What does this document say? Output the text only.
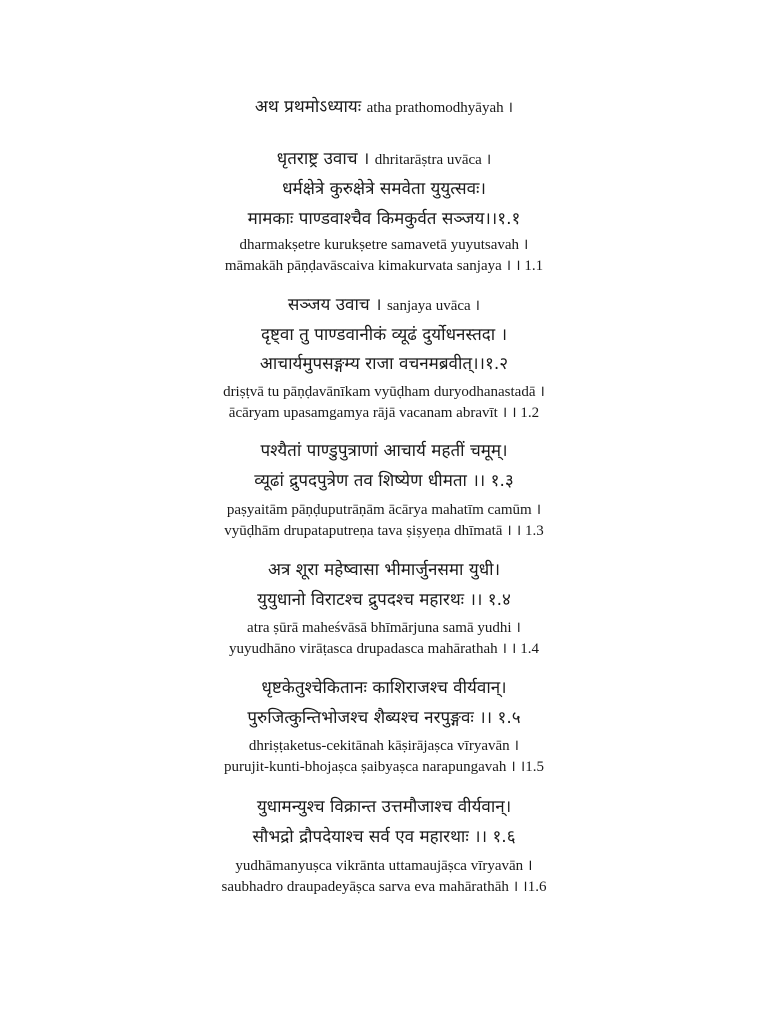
अथ प्रथमोऽध्यायः atha prathomodhyāyah ।
धृतराष्ट्र उवाच । dhritarāṣtra uvāca ।
धर्मक्षेत्रे कुरुक्षेत्रे समवेता युयुत्सवः।
मामकाः पाण्डवाश्चैव किमकुर्वत सञ्जय।।१.१
dharmakṣetre kurukṣetre samavetā yuyutsavah ।
māmakāh pāṇḍavāscaiva kimakurvata sanjaya । । 1.1
सञ्जय उवाच । sanjaya uvāca ।
दृष्ट्वा तु पाण्डवानीकं व्यूढं दुर्योधनस्तदा ।
आचार्यमुपसङ्गम्य राजा वचनमब्रवीत्।।१.२
driṣṭvā tu pāṇḍavānīkam vyūḍham duryodhanastadā ।
ācāryam upasamgamya rājā vacanam abravīt । । 1.2
पश्यैतां पाण्डुपुत्राणां आचार्य महतीं चमूम्।
व्यूढां द्रुपदपुत्रेण तव शिष्येण धीमता ।। १.३
paṣyaitām pāṇḍuputrāṇām ācārya mahatīm camūm ।
vyūḍhām drupataputreṇa tava ṣiṣyeṇa dhīmatā । । 1.3
अत्र शूरा महेष्वासा भीमार्जुनसमा युधी।
युयुधानो विराटश्च द्रुपदश्च महारथः ।। १.४
atra ṣūrā maheśvāsā bhīmārjuna samā yudhi ।
yuyudhāno virāṭasca drupadasca mahārathah । । 1.4
धृष्टकेतुश्चेकितानः काशिराजश्च वीर्यवान्।
पुरुजित्कुन्तिभोजश्च शैब्यश्च नरपुङ्गवः ।। १.५
dhriṣṭaketus-cekitānah kāṣirājaṣca vīryavān ।
purujit-kunti-bhojaṣca ṣaibyaṣca narapungavah । ।1.5
युधामन्युश्च विक्रान्त उत्तमौजाश्च वीर्यवान्।
सौभद्रो द्रौपदेयाश्च सर्व एव महारथाः ।। १.६
yudhāmanyuṣca vikrānta uttamaujāṣca vīryavān ।
saubhadro draupadeyāṣca sarva eva mahārathāh । ।1.6
